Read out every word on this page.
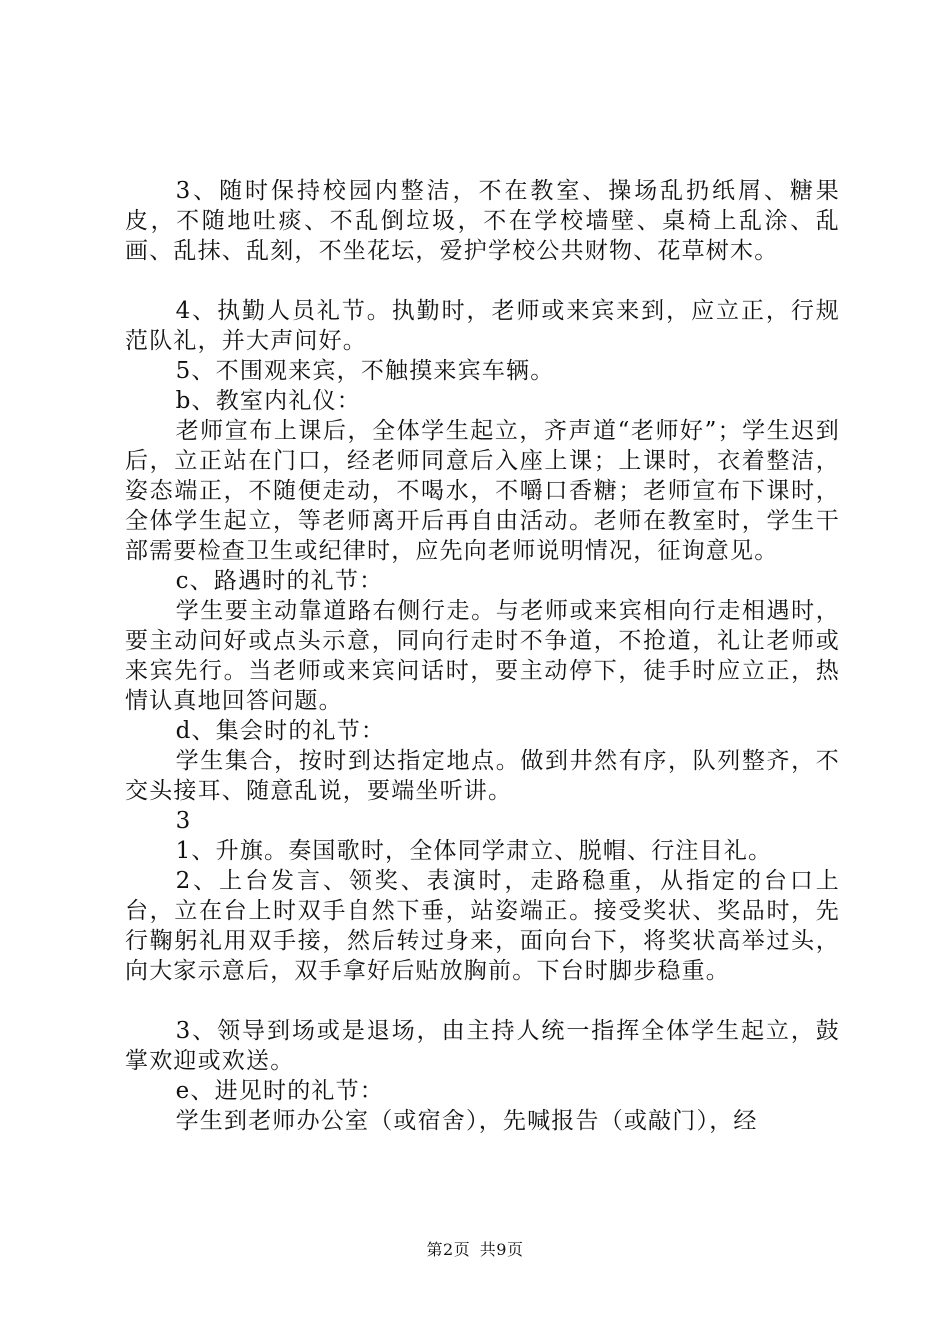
3、随时保持校园内整洁，不在教室、操场乱扔纸屑、糖果皮，不随地吐痰、不乱倒垃圾，不在学校墙壁、桌椅上乱涂、乱画、乱抹、乱刻，不坐花坛，爱护学校公共财物、花草树木。

4、执勤人员礼节。执勤时，老师或来宾来到，应立正，行规范队礼，并大声问好。

5、不围观来宾，不触摸来宾车辆。

b、教室内礼仪：

老师宣布上课后，全体学生起立，齐声道“老师好”；学生迟到后，立正站在门口，经老师同意后入座上课；上课时，衣着整洁，姿态端正，不随便走动，不喝水，不嚼口香糖；老师宣布下课时，全体学生起立，等老师离开后再自由活动。老师在教室时，学生干部需要检查卫生或纪律时，应先向老师说明情况，征询意见。

c、路遇时的礼节：

学生要主动靠道路右侧行走。与老师或来宾相向行走相遇时，要主动问好或点头示意，同向行走时不争道，不抢道，礼让老师或来宾先行。当老师或来宾问话时，要主动停下，徒手时应立正，热情认真地回答问题。

d、集会时的礼节：

学生集合，按时到达指定地点。做到井然有序，队列整齐，不交头接耳、随意乱说，要端坐听讲。

3

1、升旗。奏国歌时，全体同学肃立、脱帽、行注目礼。

2、上台发言、领奖、表演时，走路稳重，从指定的台口上台，立在台上时双手自然下垂，站姿端正。接受奖状、奖品时，先行鞠躬礼用双手接，然后转过身来，面向台下，将奖状高举过头，向大家示意后，双手拿好后贴放胸前。下台时脚步稳重。

3、领导到场或是退场，由主持人统一指挥全体学生起立，鼓掌欢迎或欢送。

e、进见时的礼节：

学生到老师办公室（或宿舍），先喊报告（或敲门），经

第2页 共9页
